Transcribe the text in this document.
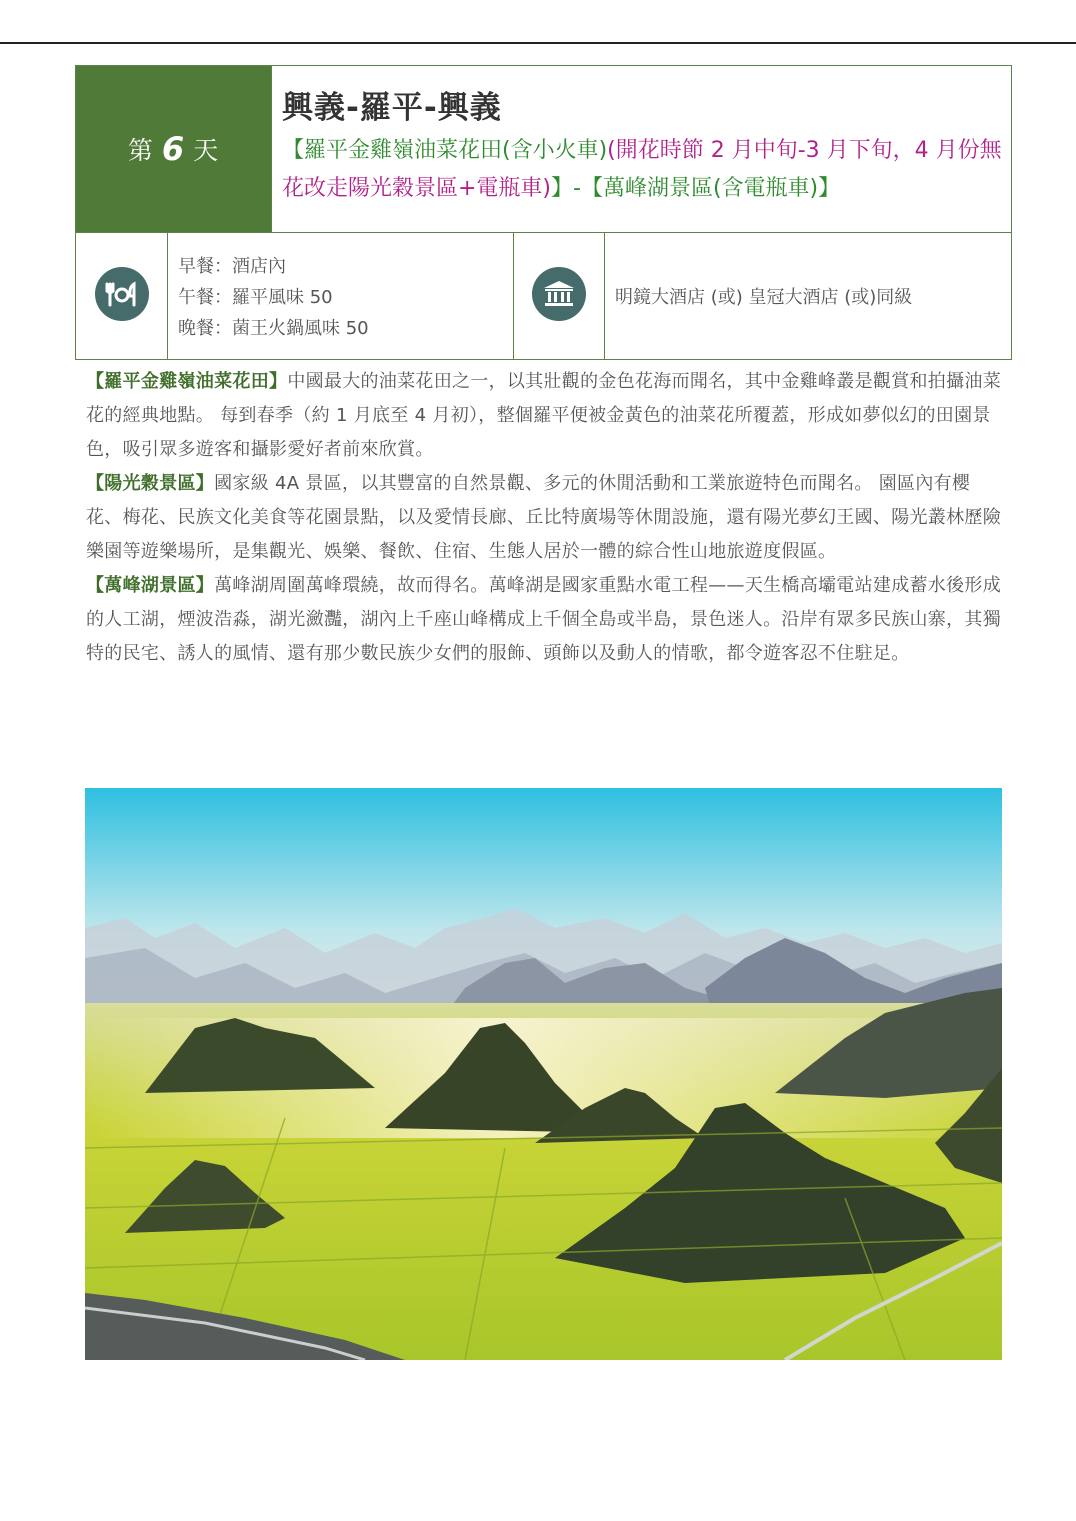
第 6 天
興義-羅平-興義
【羅平金雞嶺油菜花田(含小火車)(開花時節 2 月中旬-3 月下旬，4 月份無花改走陽光穀景區+電瓶車)】-【萬峰湖景區(含電瓶車)】
早餐：酒店內
午餐：羅平風味 50
晚餐：菌王火鍋風味 50
明鏡大酒店 (或) 皇冠大酒店 (或)同級

【羅平金雞嶺油菜花田】中國最大的油菜花田之一，以其壯觀的金色花海而聞名，其中金雞峰叢是觀賞和拍攝油菜花的經典地點。 每到春季（約 1 月底至 4 月初），整個羅平便被金黃色的油菜花所覆蓋，形成如夢似幻的田園景色，吸引眾多遊客和攝影愛好者前來欣賞。

【陽光穀景區】國家級 4A 景區，以其豐富的自然景觀、多元的休閒活動和工業旅遊特色而聞名。 園區內有櫻花、梅花、民族文化美食等花園景點，以及愛情長廊、丘比特廣場等休閒設施，還有陽光夢幻王國、陽光叢林歷險樂園等遊樂場所，是集觀光、娛樂、餐飲、住宿、生態人居於一體的綜合性山地旅遊度假區。

【萬峰湖景區】萬峰湖周圍萬峰環繞，故而得名。萬峰湖是國家重點水電工程——天生橋高壩電站建成蓄水後形成的人工湖，煙波浩淼，湖光瀲灩，湖內上千座山峰構成上千個全島或半島，景色迷人。沿岸有眾多民族山寨，其獨特的民宅、誘人的風情、還有那少數民族少女們的服飾、頭飾以及動人的情歌，都令遊客忍不住駐足。
